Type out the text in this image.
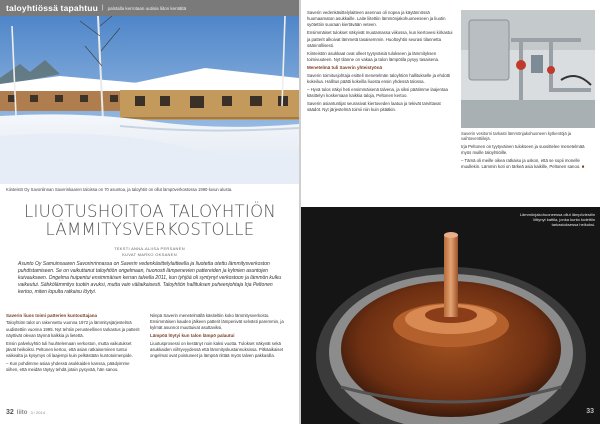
taloyhtiössä tapahtuu | palstalla kerrotaan uutisia liiton kentältä
Kiinteistö Oy Savonlinnan Saverinkaaren taloissa on 70 asuntoa, ja taloyhtiö on ollut lämpöverkostossa 1990-luvun alusta.
LIUOTUSHOITOA TALOYHTIÖN
LÄMMITYSVERKOSTOLLE
TEKSTI ANNA-ALIISA PERSANEN
KUVAT MARKO OKSANEN
Asunto Oy Samuinsaaren Savorinrinnassa on Saverin vedenkäsittelylaitteella ja liuotetta otettu lämmitysverkoston puhdistamiseen. Se on vaikuttanut taloyhtiön ongelmaan, huonosti lämpenevien pattereiden ja kylmien asuntojen kuivaukseen. Ongelma huipentui ensimmäisen kerran talvella 2011, kun tyhjöä oli syntynyt verkostoon ja lämmön kulku vaikeutui. Sähkölämmitys tuotiin avuksi, mutta vain väliaikaisesti. Taloyhtiön hallituksen puheenjohtaja Irja Peltonen kertoo, miten lopulta ratkaisu löytyi.
Saverin liuos toimi patterien kuntouttajana

Taloyhtiön talot on rakennettu vuonna 1972 ja lämmitysjärjestelmä uudistettiin vuonna 1995. Nyt tehtiin perusteellinen tarkastus ja patterit näyttivät olevan täynnä kalkkia ja lietettä.

Ensin palveluyhtiö tuli huuhtelemaan verkoston, mutta vaikutukset jäivät heikoiksi. Peltonen kertoo, että asian ratkaiseminen tuntui vaikealta ja kysymys oli laajempi kuin pelkästään kuntotoimenpide.

– Kun pohdimme asiaa yhdessä asukkaiden kanssa, päädyimme siihen, että meidän täytyy tehdä jotain pysyvää, hän sanoo.

Niinpä Saverin menetelmällä käsiteltiin koko lämmitysverkosto. Ensimmäisen kauden jälkeen patterit lämpenivät selvästi paremmin, ja kylmät asunnot muuttuivat asuttaviksi.

Lämpöä löytyi kun talon lämpö palautui

Liuotusprosessi on kestänyt noin kaksi vuotta. Tulokset näkyvät sekä asukkaiden viihtyvyydessä että lämmityskustannuksissa. Pitkäaikaiset ongelmat ovat poistuneet ja lämpöä riittää myös talven pakkasilla.

32 liito 3 / 2014

Saverin vedenkäsittelylaitteen asennus oli nopea ja käytännössä huomaamaton asukkaille. Laite liitettiin lämmönjakohuoneeseen ja liuotin syötettiin suoraan kiertävään veteen.

Ensimmäiset tulokset näkyivät muutamassa viikossa, kun kiertovesi kirkastui ja patterit alkoivat lämmetä tasaisemmin. Huoltoyhtiö seurasi tilannetta säännöllisesti.

Kiinteistön asukkaat ovat olleet tyytyväisiä tulokseen ja lämmityksen toimivuuteen. Nyt tilanne on vakaa ja talon lämpötila pysyy tasaisena.

Menetelmä tuli Saverin yhteistyönä

Saverin toimitusjohtaja esitteli menetelmän taloyhtiön hallitukselle ja ehdotti kokeilua. Hallitus päätti kokeilla liuosta ensin yhdessä talossa.

– Hyvä tulos näkyi heti ensimmäisenä talvena, ja siksi päätimme laajentaa käsittelyn koskemaan kaikkia taloja, Peltonen kertoo.

Saverin asiantuntijat seurasivat kiertoveden laatua ja tekivät tarvittavat säädöt. Nyt järjestelmä toimii niin kuin pitääkin.

Saverin vesitorni tarkasti lämmönjakohuoneen kytkentöjä ja vaihtoventtiilejä.

Irja Peltonen on tyytyväinen tulokseen ja suosittelee menetelmää myös muille taloyhtiöille.

– Tämä oli meille oikea ratkaisu ja uskon, että se sopii monelle muullekin. Lämmin koti on tärkeä asia kaikille, Peltonen sanoo. ■

Lämmönjakohuoneessa ollut lämpöviestiin liittynyt kattila, jonka kunto todettiin tarkastuksessa heikoksi.
33
